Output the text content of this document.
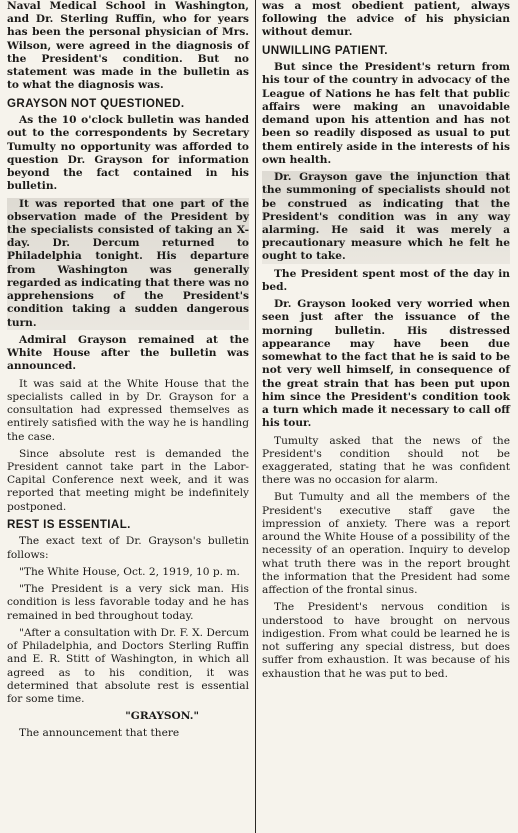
Naval Medical School in Washington, and Dr. Sterling Ruffin, who for years has been the personal physician of Mrs. Wilson, were agreed in the diagnosis of the President's condition. But no statement was made in the bulletin as to what the diagnosis was.

GRAYSON NOT QUESTIONED.

As the 10 o'clock bulletin was handed out to the correspondents by Secretary Tumulty no opportunity was afforded to question Dr. Grayson for information beyond the fact contained in his bulletin.

It was reported that one part of the observation made of the President by the specialists consisted of taking an X-day. Dr. Dercum returned to Philadelphia tonight. His departure from Washington was generally regarded as indicating that there was no apprehensions of the President's condition taking a sudden dangerous turn.

Admiral Grayson remained at the White House after the bulletin was announced.

It was said at the White House that the specialists called in by Dr. Grayson for a consultation had expressed themselves as entirely satisfied with the way he is handling the case.

Since absolute rest is demanded the President cannot take part in the Labor-Capital Conference next week, and it was reported that meeting might be indefinitely postponed.

REST IS ESSENTIAL.

The exact text of Dr. Grayson's bulletin follows:

"The White House, Oct. 2, 1919, 10 p. m.

"The President is a very sick man. His condition is less favorable today and he has remained in bed throughout today.

"After a consultation with Dr. F. X. Dercum of Philadelphia, and Doctors Sterling Ruffin and E. R. Stitt of Washington, in which all agreed as to his condition, it was determined that absolute rest is essential for some time.

"GRAYSON."

The announcement that there

was a most obedient patient, always following the advice of his physician without demur.

UNWILLING PATIENT.

But since the President's return from his tour of the country in advocacy of the League of Nations he has felt that public affairs were making an unavoidable demand upon his attention and has not been so readily disposed as usual to put them entirely aside in the interests of his own health.

Dr. Grayson gave the injunction that the summoning of specialists should not be construed as indicating that the President's condition was in any way alarming. He said it was merely a precautionary measure which he felt he ought to take.

The President spent most of the day in bed.

Dr. Grayson looked very worried when seen just after the issuance of the morning bulletin. His distressed appearance may have been due somewhat to the fact that he is said to be not very well himself, in consequence of the great strain that has been put upon him since the President's condition took a turn which made it necessary to call off his tour.

Tumulty asked that the news of the President's condition should not be exaggerated, stating that he was confident there was no occasion for alarm.

But Tumulty and all the members of the President's executive staff gave the impression of anxiety. There was a report around the White House of a possibility of the necessity of an operation. Inquiry to develop what truth there was in the report brought the information that the President had some affection of the frontal sinus.

The President's nervous condition is understood to have brought on nervous indigestion. From what could be learned he is not suffering any special distress, but does suffer from exhaustion. It was because of his exhaustion that he was put to bed.
